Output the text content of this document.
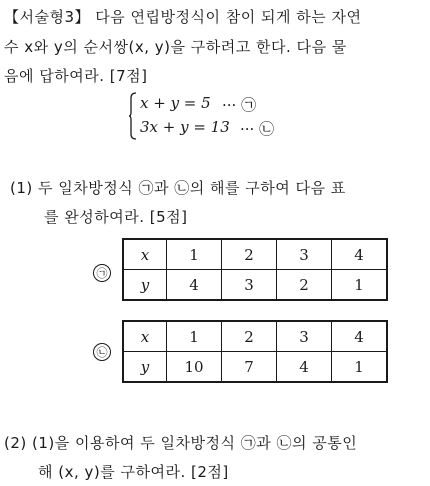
【서술형3】 다음 연립방정식이 참이 되게 하는 자연
수 x와 y의 순서쌍(x, y)을 구하려고 한다. 다음 물
음에 답하여라. [7점]
x + y = 5 ··· ㉠
3x + y = 13 ··· ㉡
(1) 두 일차방정식 ㉠과 ㉡의 해를 구하여 다음 표
를 완성하여라. [5점]
㉠
x	1	2	3	4
y	4	3	2	1
㉡
x	1	2	3	4
y	10	7	4	1
(2) (1)을 이용하여 두 일차방정식 ㉠과 ㉡의 공통인
해 (x, y)를 구하여라. [2점]
